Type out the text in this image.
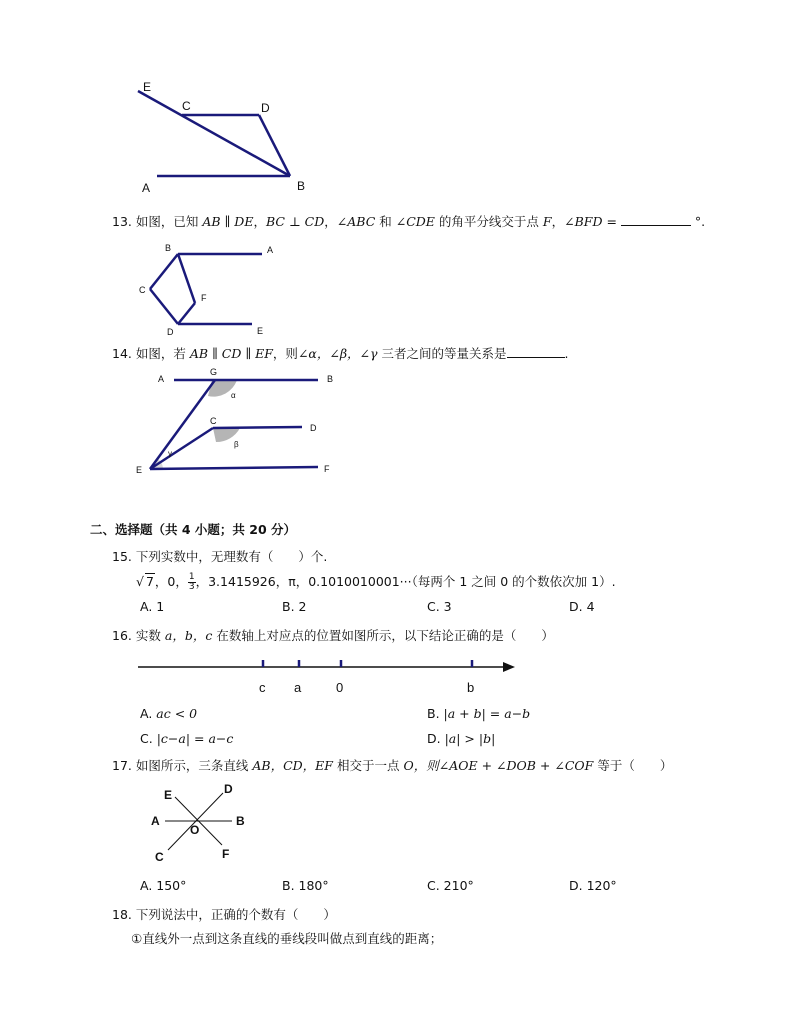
E
C	D
A	B
13. 如图，已知 AB ∥ DE，BC ⊥ CD，∠ABC 和 ∠CDE 的角平分线交于点 F，∠BFD =	°.
B	A
C
F
D	E
14. 如图，若 AB ∥ CD ∥ EF，则∠α，∠β，∠γ 三者之间的等量关系是	.
A
G
B
α
C
D
β
γ
E	F
二、选择题（共 4 小题；共 20 分）
15. 下列实数中，无理数有（　　）个.
√ 7，0， $\frac{1}{3}$ ，3.1415926，π，0.1010010001···（每两个 1 之间 0 的个数依次加 1）.
A. 1	B. 2	C. 3	D. 4
16. 实数 a，b，c 在数轴上对应点的位置如图所示，以下结论正确的是（　　）
c a	0	b
A. ac < 0	B. |a + b| = a−b
C. |c−a| = a−c	D. |a| > |b|
17. 如图所示，三条直线 AB，CD，EF 相交于一点 O，则∠AOE + ∠DOB + ∠COF 等于（　　）
E	D
A
O
B
C	F
A. 150°	B. 180°	C. 210°	D. 120°
18. 下列说法中，正确的个数有（　　）
①直线外一点到这条直线的垂线段叫做点到直线的距离；
